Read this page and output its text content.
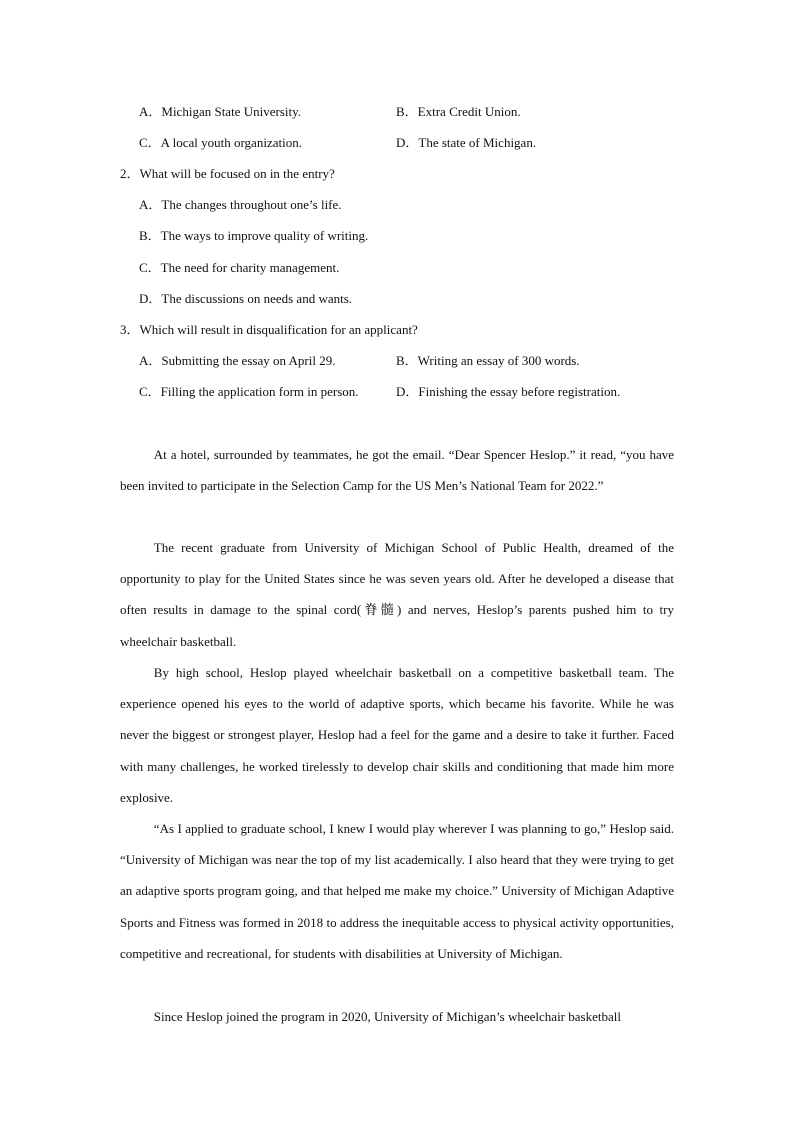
A．Michigan State University.	B．Extra Credit Union.
C．A local youth organization.	D．The state of Michigan.
2．What will be focused on in the entry?
A．The changes throughout one’s life.
B．The ways to improve quality of writing.
C．The need for charity management.
D．The discussions on needs and wants.
3．Which will result in disqualification for an applicant?
A．Submitting the essay on April 29.	B．Writing an essay of 300 words.
C．Filling the application form in person.	D．Finishing the essay before registration.

At a hotel, surrounded by teammates, he got the email. “Dear Spencer Heslop.” it read, “you have been invited to participate in the Selection Camp for the US Men’s National Team for 2022.”

The recent graduate from University of Michigan School of Public Health, dreamed of the opportunity to play for the United States since he was seven years old. After he developed a disease that often results in damage to the spinal cord(脊髓) and nerves, Heslop’s parents pushed him to try wheelchair basketball.

By high school, Heslop played wheelchair basketball on a competitive basketball team. The experience opened his eyes to the world of adaptive sports, which became his favorite. While he was never the biggest or strongest player, Heslop had a feel for the game and a desire to take it further. Faced with many challenges, he worked tirelessly to develop chair skills and conditioning that made him more explosive.

“As I applied to graduate school, I knew I would play wherever I was planning to go,” Heslop said. “University of Michigan was near the top of my list academically. I also heard that they were trying to get an adaptive sports program going, and that helped me make my choice.” University of Michigan Adaptive Sports and Fitness was formed in 2018 to address the inequitable access to physical activity opportunities, competitive and recreational, for students with disabilities at University of Michigan.

Since Heslop joined the program in 2020, University of Michigan’s wheelchair basketball
